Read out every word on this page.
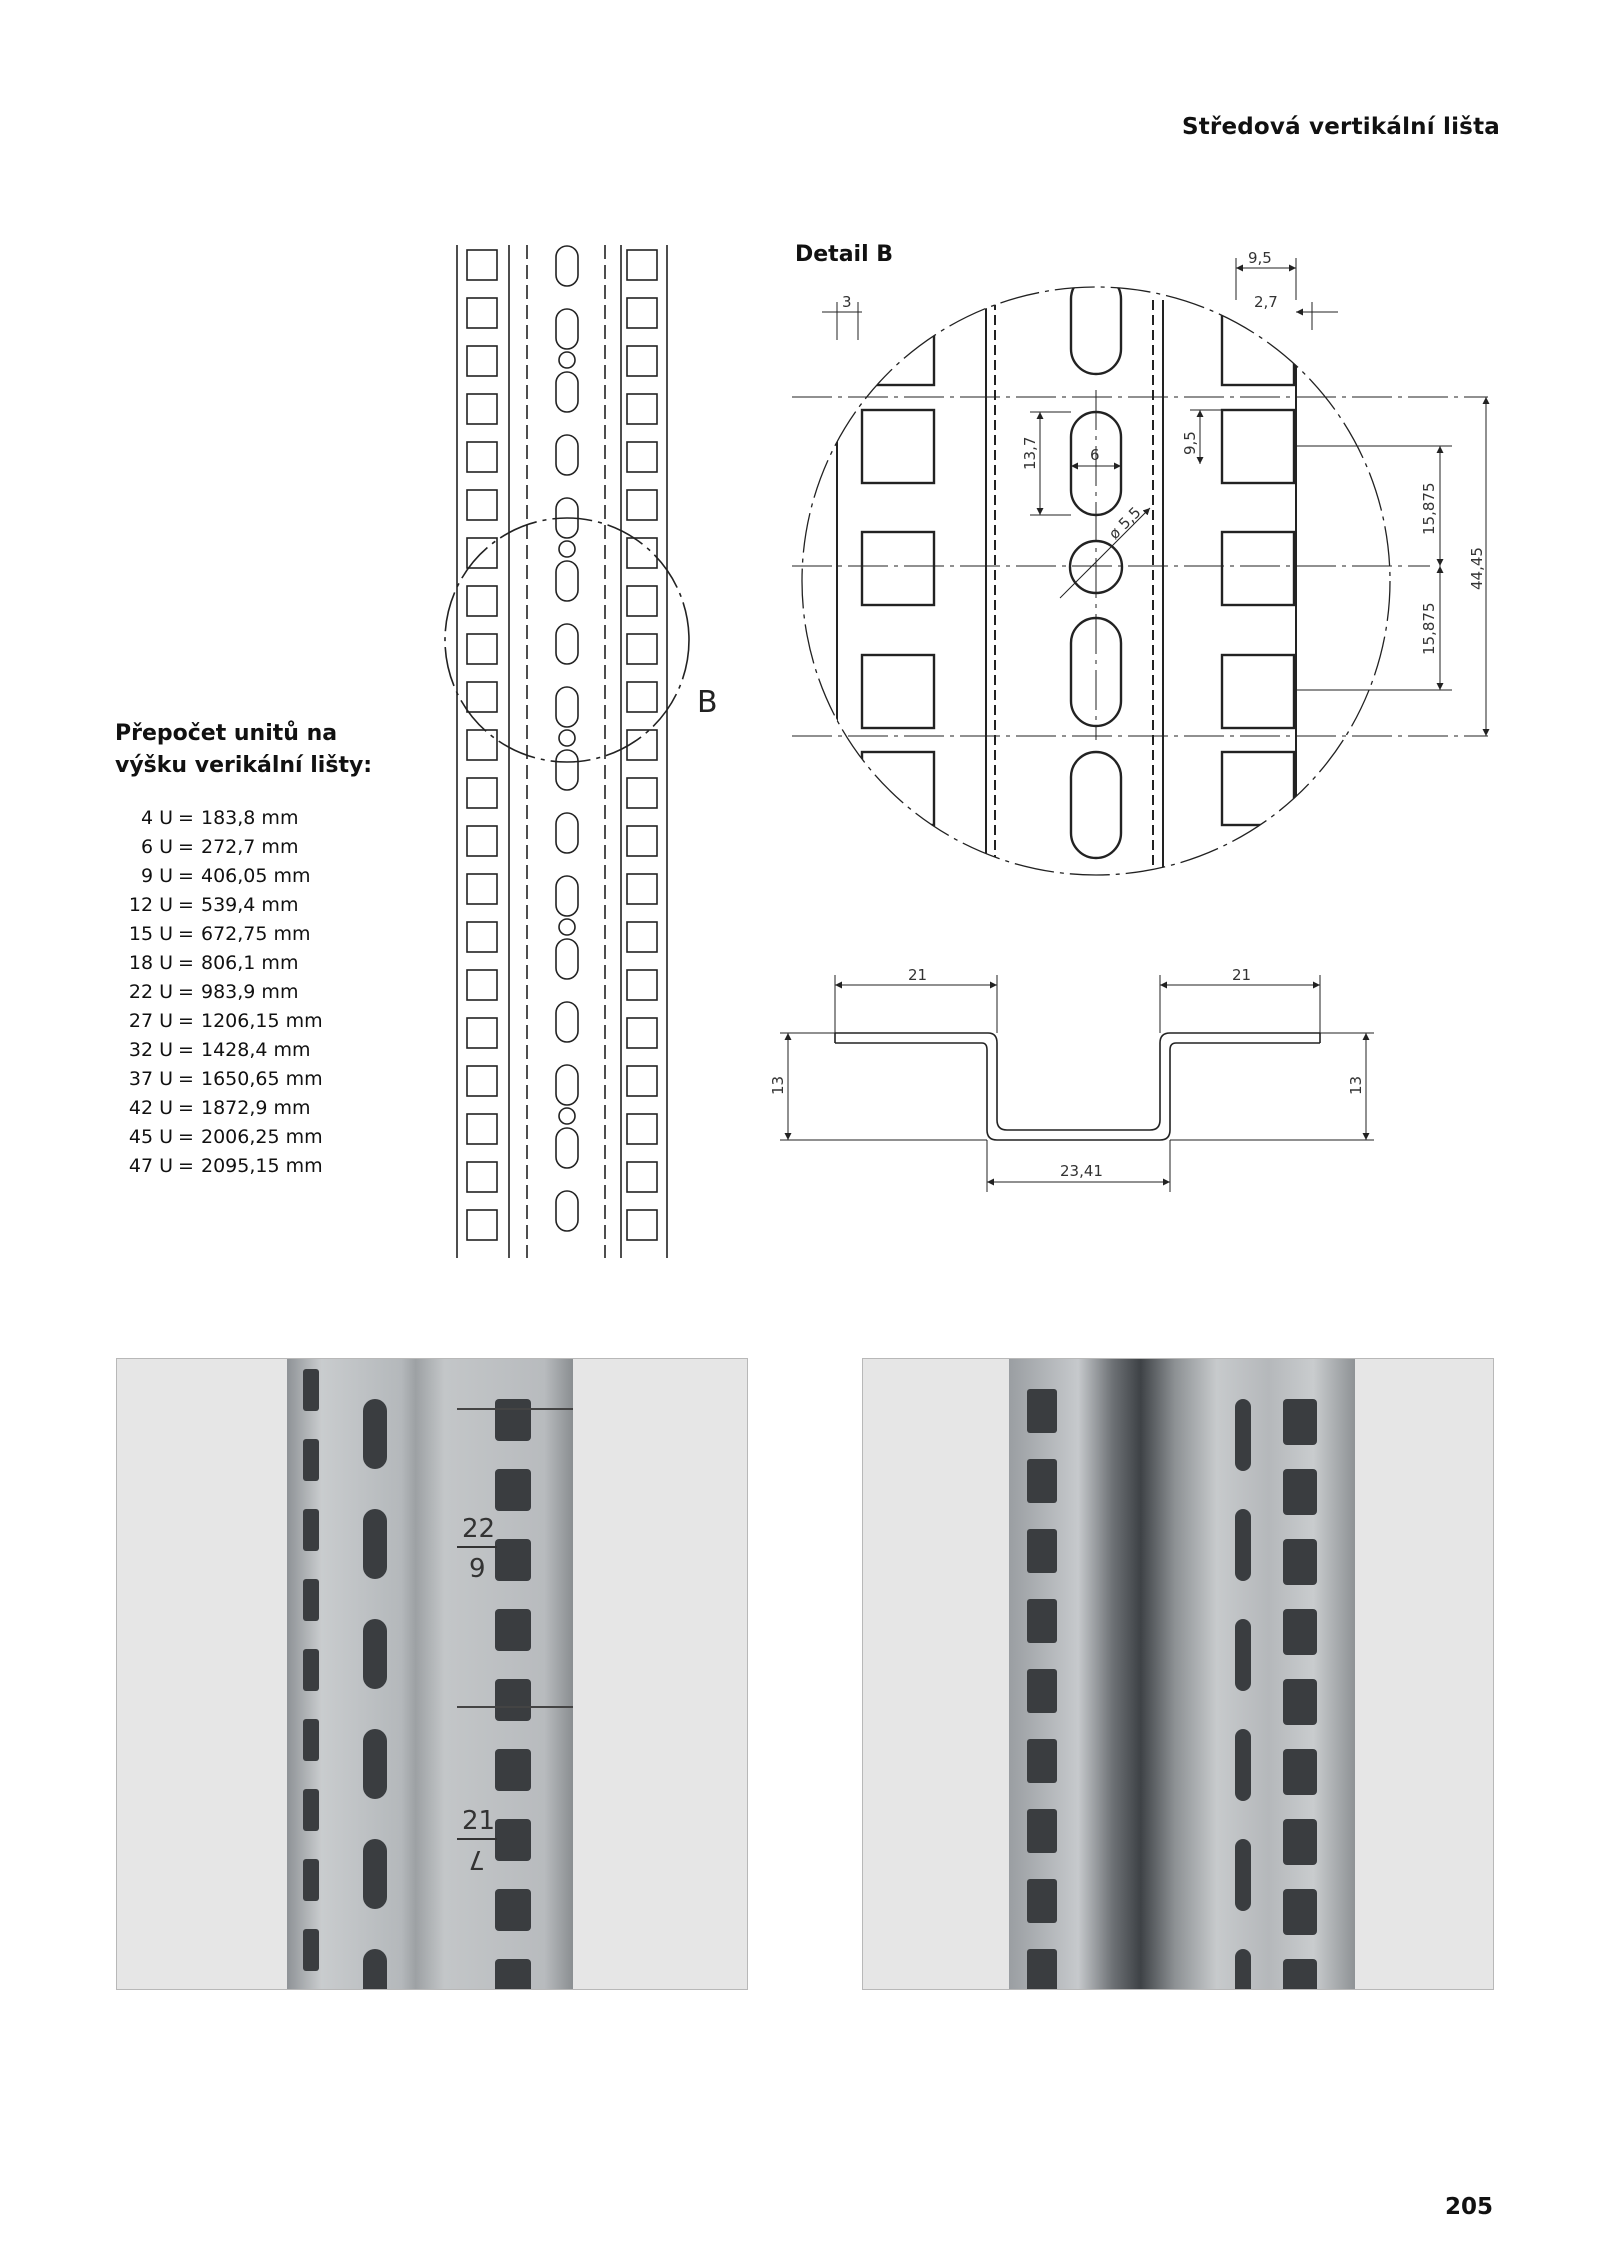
Středová vertikální lišta
B
9,5
2,7
3
13,7	6	9,5
ø 5,5	15,875
15,875
44,45
21	21
13	13
23,41
Detail B
Přepočet unitů na
výšku verikální lišty:
4 U	=	183,8 mm
6 U	=	272,7 mm
9 U	=	406,05 mm
12 U	=	539,4 mm
15 U	=	672,75 mm
18 U	=	806,1 mm
22 U	=	983,9 mm
27 U	=	1206,15 mm
32 U	=	1428,4 mm
37 U	=	1650,65 mm
42 U	=	1872,9 mm
45 U	=	2006,25 mm
47 U	=	2095,15 mm
22
9
21
7
205
